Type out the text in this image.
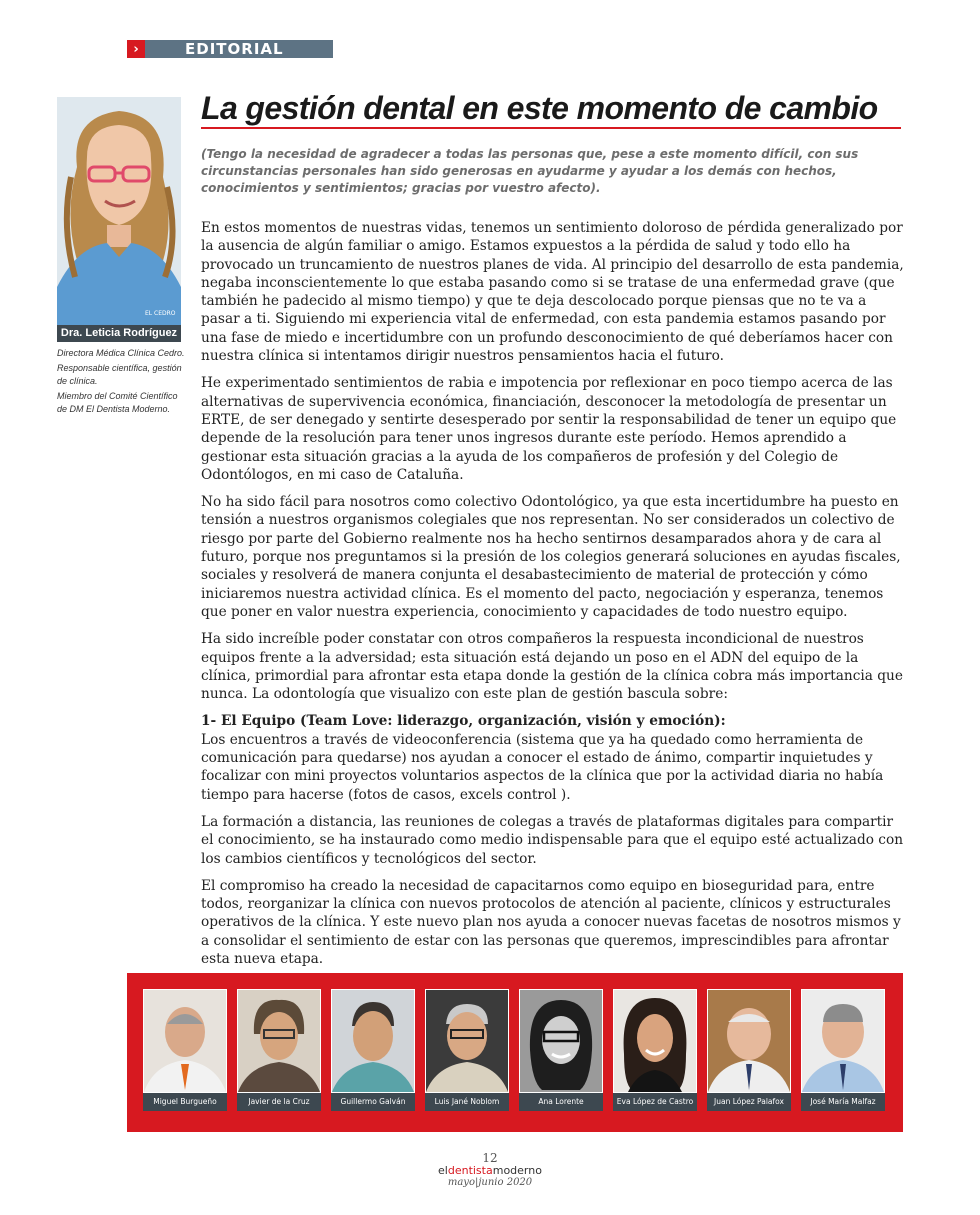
›	EDITORIAL
EL CEDRO
Dra. Leticia Rodríguez
Directora Médica Clínica Cedro.
Responsable científica, gestión de clínica.
Miembro del Comité Científico de DM El Dentista Moderno.
La gestión dental en este momento de cambio

(Tengo la necesidad de agradecer a todas las personas que, pese a este momento difícil, con sus circunstancias personales han sido generosas en ayudarme y ayudar a los demás con hechos, conocimientos y sentimientos; gracias por vuestro afecto).

En estos momentos de nuestras vidas, tenemos un sentimiento doloroso de pérdida generalizado por la ausencia de algún familiar o amigo. Estamos expuestos a la pérdida de salud y todo ello ha provocado un truncamiento de nuestros planes de vida. Al principio del desarrollo de esta pandemia, negaba inconscientemente lo que estaba pasando como si se tratase de una enfermedad grave (que también he padecido al mismo tiempo) y que te deja descolocado porque piensas que no te va a pasar a ti. Siguiendo mi experiencia vital de enfermedad, con esta pandemia estamos pasando por una fase de miedo e incertidumbre con un profundo desconocimiento de qué deberíamos hacer con nuestra clínica si intentamos dirigir nuestros pensamientos hacia el futuro.

He experimentado sentimientos de rabia e impotencia por reflexionar en poco tiempo acerca de las alternativas de supervivencia económica, financiación, desconocer la metodología de presentar un ERTE, de ser denegado y sentirte desesperado por sentir la responsabilidad de tener un equipo que depende de la resolución para tener unos ingresos durante este período. Hemos aprendido a gestionar esta situación gracias a la ayuda de los compañeros de profesión y del Colegio de Odontólogos, en mi caso de Cataluña.

No ha sido fácil para nosotros como colectivo Odontológico, ya que esta incertidumbre ha puesto en tensión a nuestros organismos colegiales que nos representan. No ser considerados un colectivo de riesgo por parte del Gobierno realmente nos ha hecho sentirnos desamparados ahora y de cara al futuro, porque nos preguntamos si la presión de los colegios generará soluciones en ayudas fiscales, sociales y resolverá de manera conjunta el desabastecimiento de material de protección y cómo iniciaremos nuestra actividad clínica. Es el momento del pacto, negociación y esperanza, tenemos que poner en valor nuestra experiencia, conocimiento y capacidades de todo nuestro equipo.

Ha sido increíble poder constatar con otros compañeros la respuesta incondicional de nuestros equipos frente a la adversidad; esta situación está dejando un poso en el ADN del equipo de la clínica, primordial para afrontar esta etapa donde la gestión de la clínica cobra más importancia que nunca. La odontología que visualizo con este plan de gestión bascula sobre:

1- El Equipo (Team Love: liderazgo, organización, visión y emoción):

Los encuentros a través de videoconferencia (sistema que ya ha quedado como herramienta de comunicación para quedarse) nos ayudan a conocer el estado de ánimo, compartir inquietudes y focalizar con mini proyectos voluntarios aspectos de la clínica que por la actividad diaria no había tiempo para hacerse (fotos de casos, excels control ).

La formación a distancia, las reuniones de colegas a través de plataformas digitales para compartir el conocimiento, se ha instaurado como medio indispensable para que el equipo esté actualizado con los cambios científicos y tecnológicos del sector.

El compromiso ha creado la necesidad de capacitarnos como equipo en bioseguridad para, entre todos, reorganizar la clínica con nuevos protocolos de atención al paciente, clínicos y estructurales operativos de la clínica. Y este nuevo plan nos ayuda a conocer nuevas facetas de nosotros mismos y a consolidar el sentimiento de estar con las personas que queremos, imprescindibles para afrontar esta nueva etapa.

Miguel Burgueño	Javier de la Cruz	Guillermo Galván	Luis Jané Noblom	Ana Lorente	Eva López de Castro	Juan López Palafox	José María Malfaz
12
eldentistamoderno
mayo|junio 2020
